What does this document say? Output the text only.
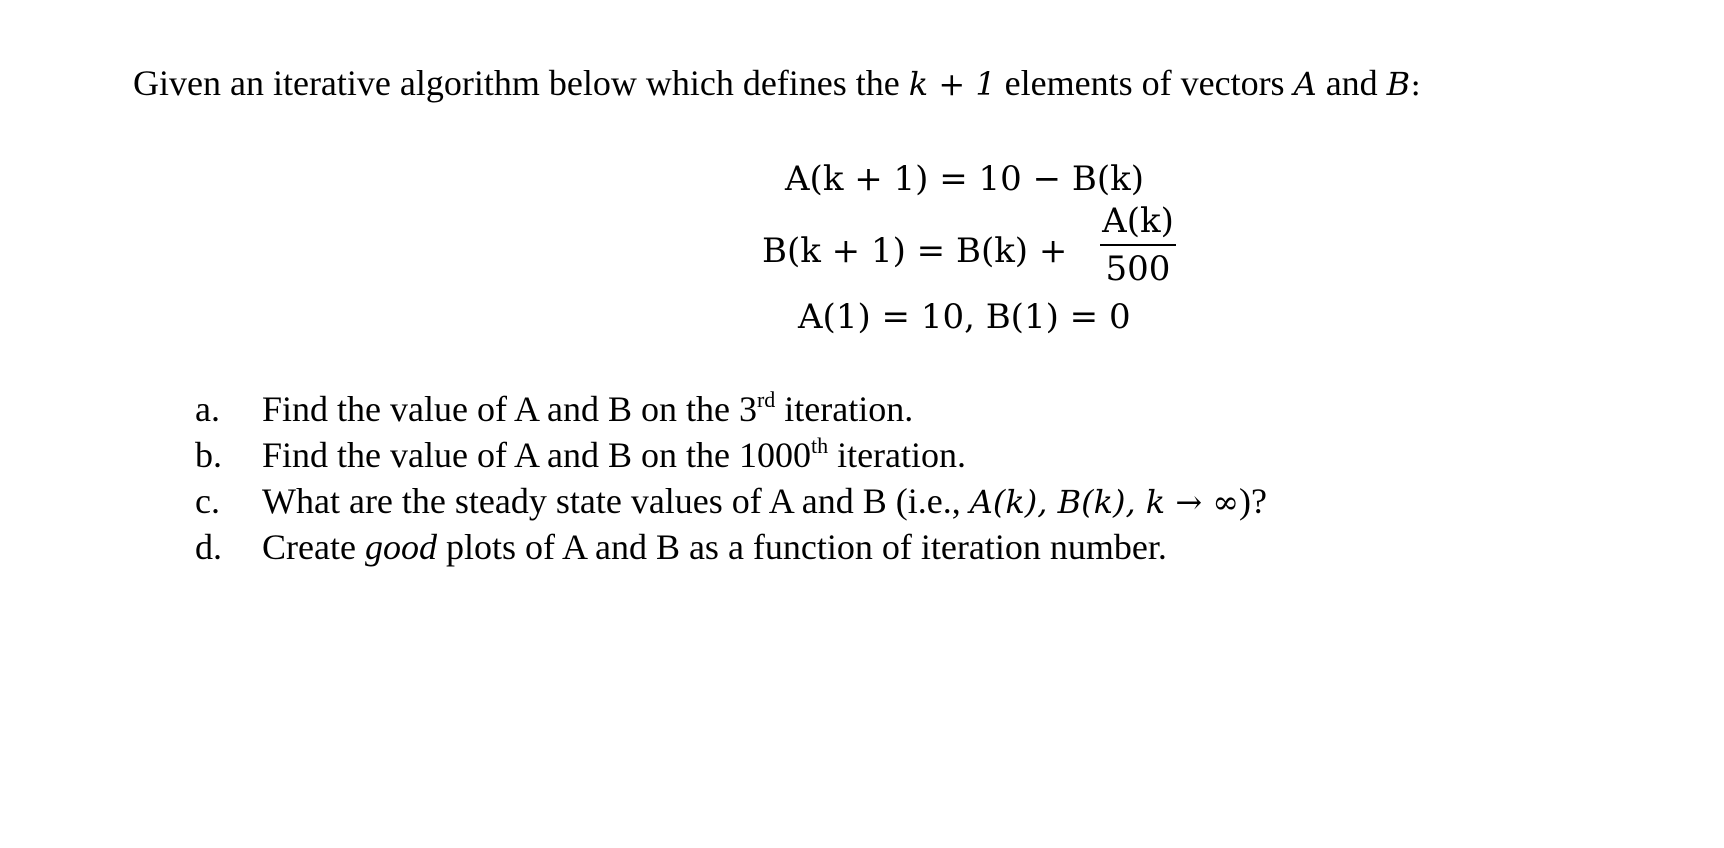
Given an iterative algorithm below which defines the k + 1 elements of vectors A and B:
A(k + 1) = 10 − B(k)
B(k + 1) = B(k) +
A(k)
500
A(1) = 10, B(1) = 0
a. Find the value of A and B on the 3rd iteration.
b. Find the value of A and B on the 1000th iteration.
c. What are the steady state values of A and B (i.e., A(k), B(k), k → ∞)?
d. Create good plots of A and B as a function of iteration number.
